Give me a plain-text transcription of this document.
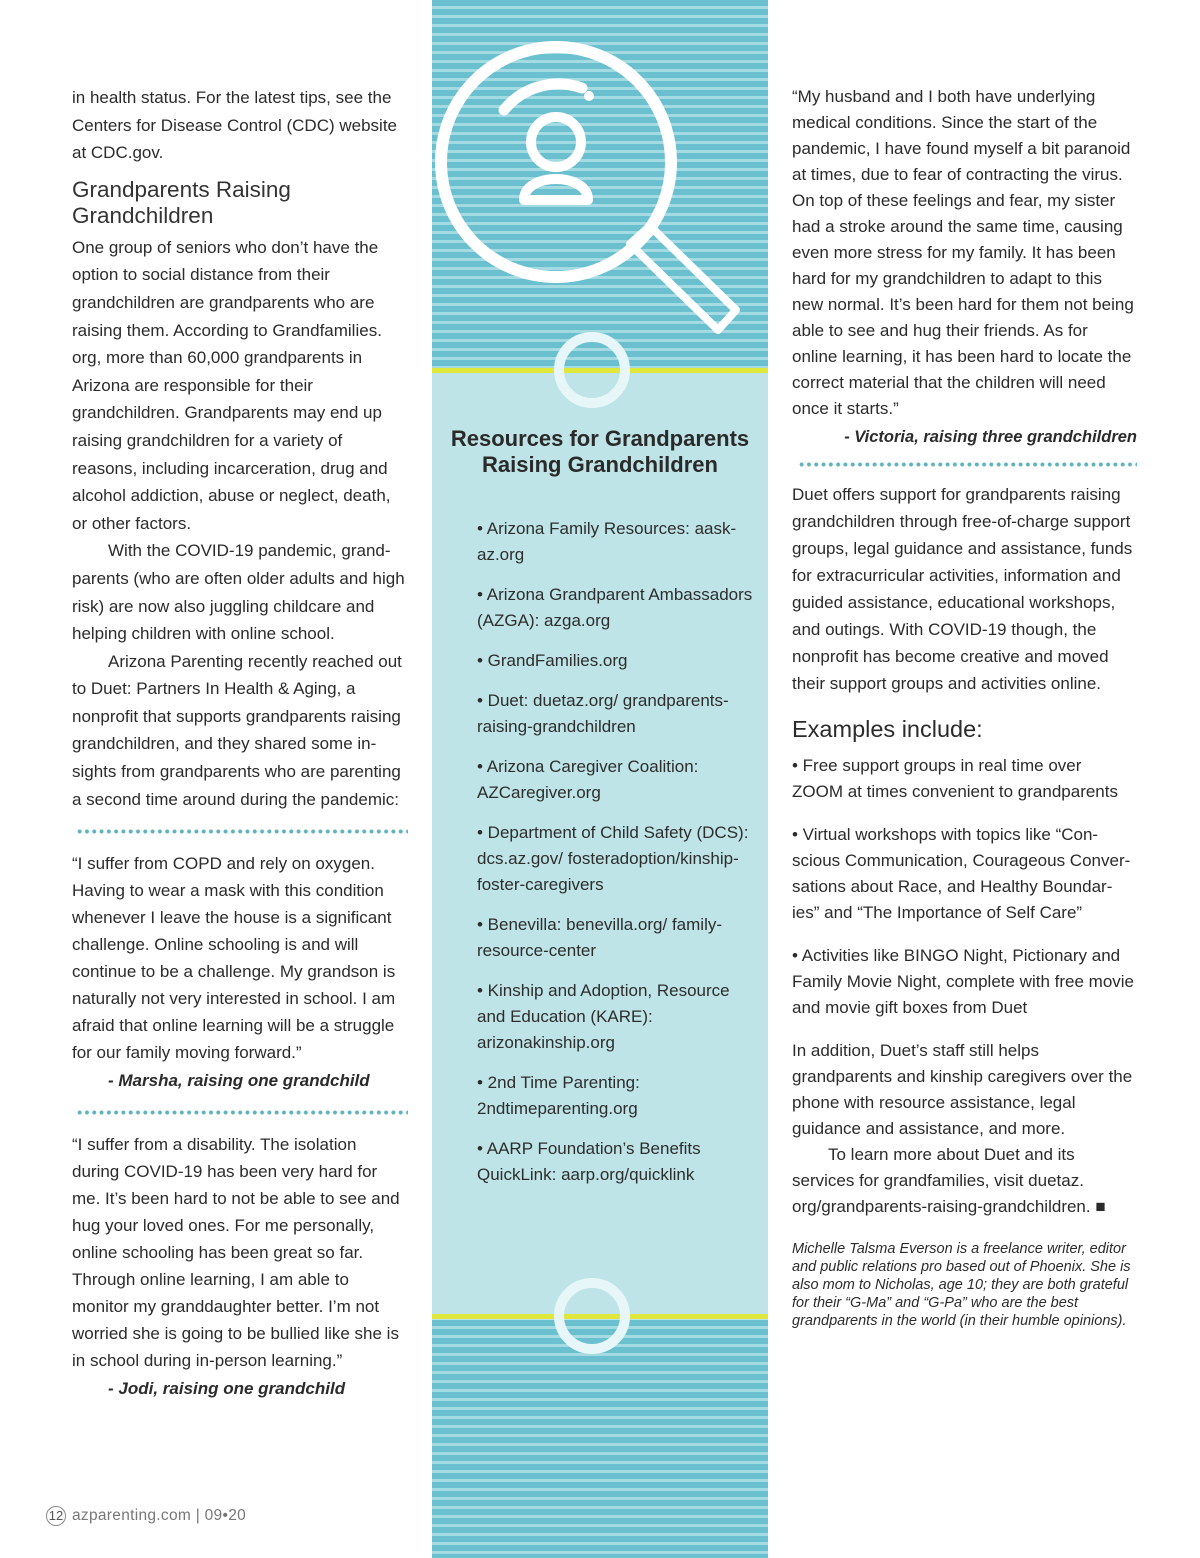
in health status. For the latest tips, see the Centers for Disease Control (CDC) website at CDC.gov.

Grandparents Raising Grandchildren

One group of seniors who don’t have the option to social distance from their grandchildren are grandparents who are raising them. According to Grandfamilies. org, more than 60,000 grandparents in Arizona are responsible for their grandchildren. Grandparents may end up raising grandchildren for a variety of reasons, including incarceration, drug and alcohol addiction, abuse or neglect, death, or other factors.

With the COVID-19 pandemic, grand-parents (who are often older adults and high risk) are now also juggling childcare and helping children with online school.

Arizona Parenting recently reached out to Duet: Partners In Health & Aging, a nonprofit that supports grandparents raising grandchildren, and they shared some in-sights from grandparents who are parenting a second time around during the pandemic:

“I suffer from COPD and rely on oxygen. Having to wear a mask with this condition whenever I leave the house is a significant challenge. Online schooling is and will continue to be a challenge. My grandson is naturally not very interested in school. I am afraid that online learning will be a struggle for our family moving forward.”

- Marsha, raising one grandchild

“I suffer from a disability. The isolation during COVID-19 has been very hard for me. It’s been hard to not be able to see and hug your loved ones. For me personally, online schooling has been great so far. Through online learning, I am able to monitor my granddaughter better. I’m not worried she is going to be bullied like she is in school during in-person learning.”

- Jodi, raising one grandchild

Resources for Grandparents Raising Grandchildren
• Arizona Family Resources: aask-az.org
• Arizona Grandparent Ambassadors (AZGA): azga.org
• GrandFamilies.org
• Duet: duetaz.org/ grandparents-raising-grandchildren
• Arizona Caregiver Coalition: AZCaregiver.org
• Department of Child Safety (DCS): dcs.az.gov/ fosteradoption/kinship-foster-caregivers
• Benevilla: benevilla.org/ family-resource-center
• Kinship and Adoption, Resource and Education (KARE): arizonakinship.org
• 2nd Time Parenting: 2ndtimeparenting.org
• AARP Foundation’s Benefits QuickLink: aarp.org/quicklink

“My husband and I both have underlying medical conditions. Since the start of the pandemic, I have found myself a bit paranoid at times, due to fear of contracting the virus. On top of these feelings and fear, my sister had a stroke around the same time, causing even more stress for my family. It has been hard for my grandchildren to adapt to this new normal. It’s been hard for them not being able to see and hug their friends. As for online learning, it has been hard to locate the correct material that the children will need once it starts.”

- Victoria, raising three grandchildren

Duet offers support for grandparents raising grandchildren through free-of-charge support groups, legal guidance and assistance, funds for extracurricular activities, information and guided assistance, educational workshops, and outings. With COVID-19 though, the nonprofit has become creative and moved their support groups and activities online.

Examples include:

• Free support groups in real time over ZOOM at times convenient to grandparents

• Virtual workshops with topics like “Con-scious Communication, Courageous Conver-sations about Race, and Healthy Boundar-ies” and “The Importance of Self Care”

• Activities like BINGO Night, Pictionary and Family Movie Night, complete with free movie and movie gift boxes from Duet

In addition, Duet’s staff still helps grandparents and kinship caregivers over the phone with resource assistance, legal guidance and assistance, and more.

To learn more about Duet and its services for grandfamilies, visit duetaz. org/grandparents-raising-grandchildren. ■

Michelle Talsma Everson is a freelance writer, editor and public relations pro based out of Phoenix. She is also mom to Nicholas, age 10; they are both grateful for their “G-Ma” and “G-Pa” who are the best grandparents in the world (in their humble opinions).

12 azparenting.com | 09•20
